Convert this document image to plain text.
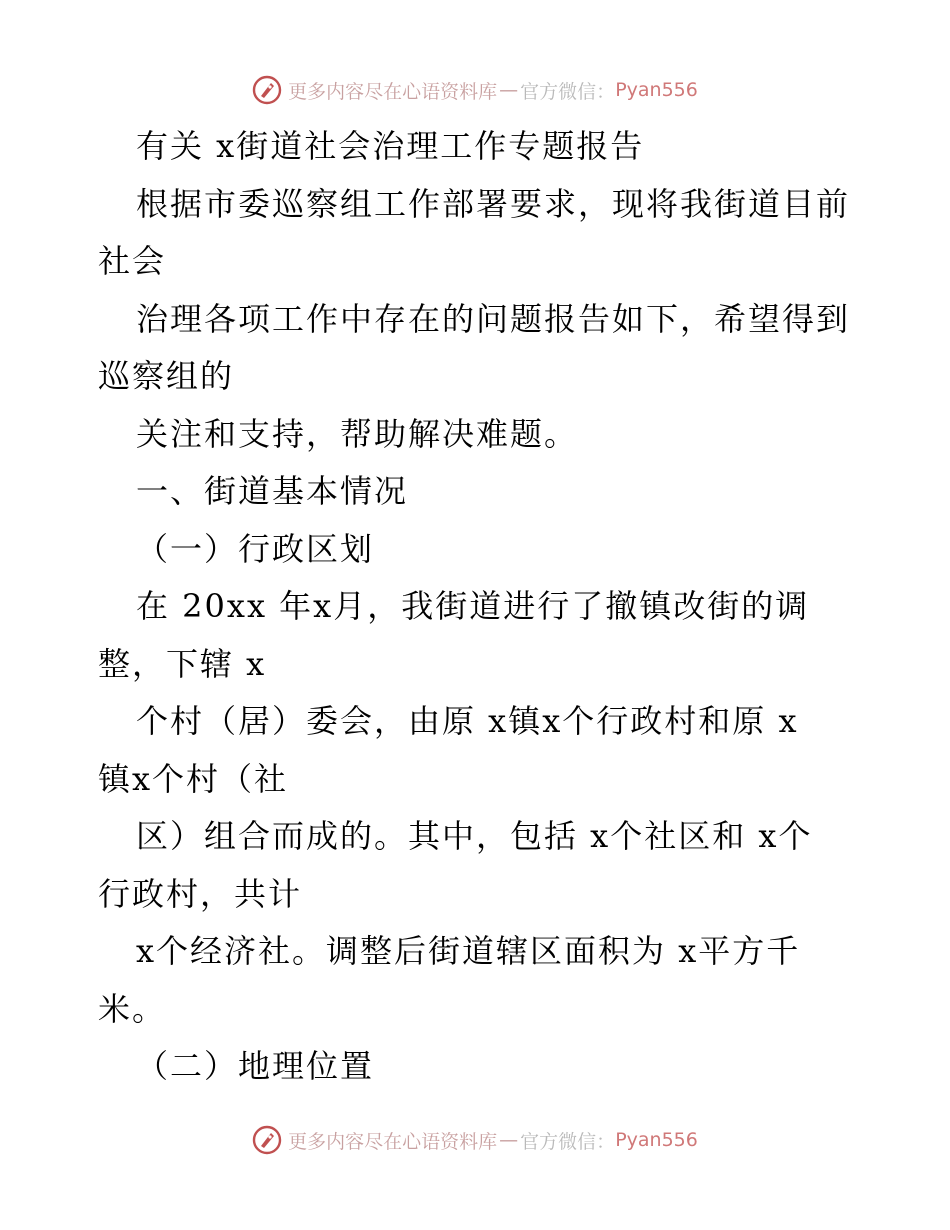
更多内容尽在心语资料库 — 官方微信： Pyan556
有关 x街道社会治理工作专题报告
根据市委巡察组工作部署要求，现将我街道目前
社会
治理各项工作中存在的问题报告如下，希望得到
巡察组的
关注和支持，帮助解决难题。
一、街道基本情况
（一）行政区划
在 20xx 年x月，我街道进行了撤镇改街的调
整，下辖 x
个村（居）委会，由原 x镇x个行政村和原 x
镇x个村（社
区）组合而成的。其中，包括 x个社区和 x个
行政村，共计
x个经济社。调整后街道辖区面积为 x平方千
米。
（二）地理位置
更多内容尽在心语资料库 — 官方微信： Pyan556
